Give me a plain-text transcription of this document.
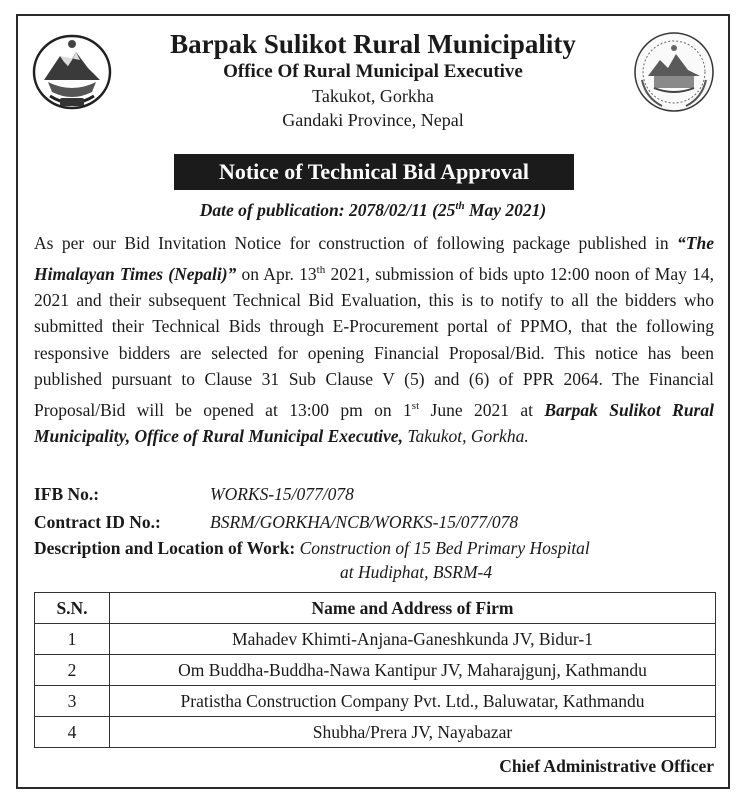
Barpak Sulikot Rural Municipality
Office Of Rural Municipal Executive
Takukot, Gorkha
Gandaki Province, Nepal
Notice of Technical Bid Approval
Date of publication: 2078/02/11 (25th May 2021)

As per our Bid Invitation Notice for construction of following package published in “The Himalayan Times (Nepali)” on Apr. 13th 2021, submission of bids upto 12:00 noon of May 14, 2021 and their subsequent Technical Bid Evaluation, this is to notify to all the bidders who submitted their Technical Bids through E-Procurement portal of PPMO, that the following responsive bidders are selected for opening Financial Proposal/Bid. This notice has been published pursuant to Clause 31 Sub Clause V (5) and (6) of PPR 2064. The Financial Proposal/Bid will be opened at 13:00 pm on 1st June 2021 at Barpak Sulikot Rural Municipality, Office of Rural Municipal Executive, Takukot, Gorkha.

IFB No.:	WORKS-15/077/078
Contract ID No.:	BSRM/GORKHA/NCB/WORKS-15/077/078
Description and Location of Work: Construction of 15 Bed Primary Hospital
at Hudiphat, BSRM-4
S.N.	Name and Address of Firm
1	Mahadev Khimti-Anjana-Ganeshkunda JV, Bidur-1
2	Om Buddha-Buddha-Nawa Kantipur JV, Maharajgunj, Kathmandu
3	Pratistha Construction Company Pvt. Ltd., Baluwatar, Kathmandu
4	Shubha/Prera JV, Nayabazar
Chief Administrative Officer
